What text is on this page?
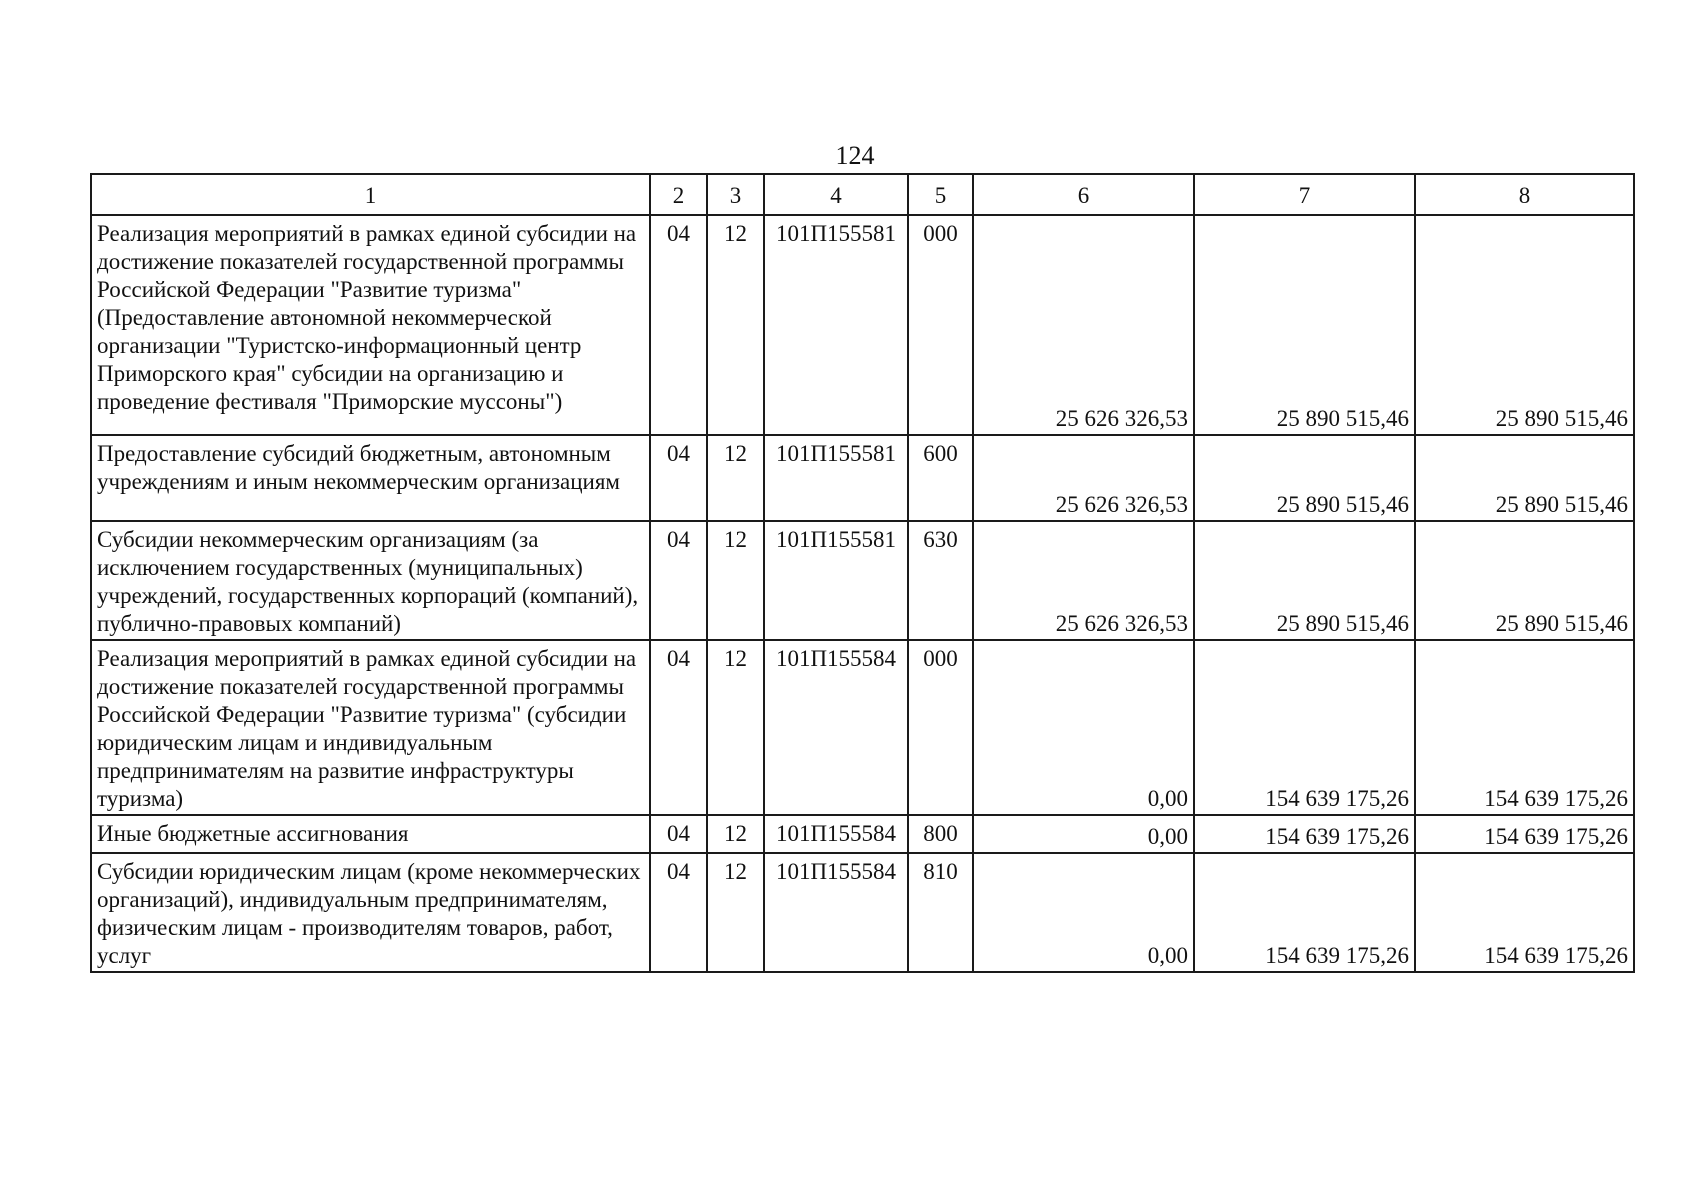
124
1	2	3	4	5	6	7	8
Реализация мероприятий в рамках единой субсидии на достижение показателей государственной программы Российской Федерации "Развитие туризма" (Предоставление автономной некоммерческой организации "Туристско-информационный центр Приморского края" субсидии на организацию и проведение фестиваля "Приморские муссоны")	04	12	101П155581	000	25 626 326,53	25 890 515,46	25 890 515,46
Предоставление субсидий бюджетным, автономным учреждениям и иным некоммерческим организациям	04	12	101П155581	600	25 626 326,53	25 890 515,46	25 890 515,46
Субсидии некоммерческим организациям (за исключением государственных (муниципальных) учреждений, государственных корпораций (компаний), публично-правовых компаний)	04	12	101П155581	630	25 626 326,53	25 890 515,46	25 890 515,46
Реализация мероприятий в рамках единой субсидии на достижение показателей государственной программы Российской Федерации "Развитие туризма" (субсидии юридическим лицам и индивидуальным предпринимателям на развитие инфраструктуры туризма)	04	12	101П155584	000	0,00	154 639 175,26	154 639 175,26
Иные бюджетные ассигнования	04	12	101П155584	800	0,00	154 639 175,26	154 639 175,26
Субсидии юридическим лицам (кроме некоммерческих организаций), индивидуальным предпринимателям, физическим лицам - производителям товаров, работ, услуг	04	12	101П155584	810	0,00	154 639 175,26	154 639 175,26
